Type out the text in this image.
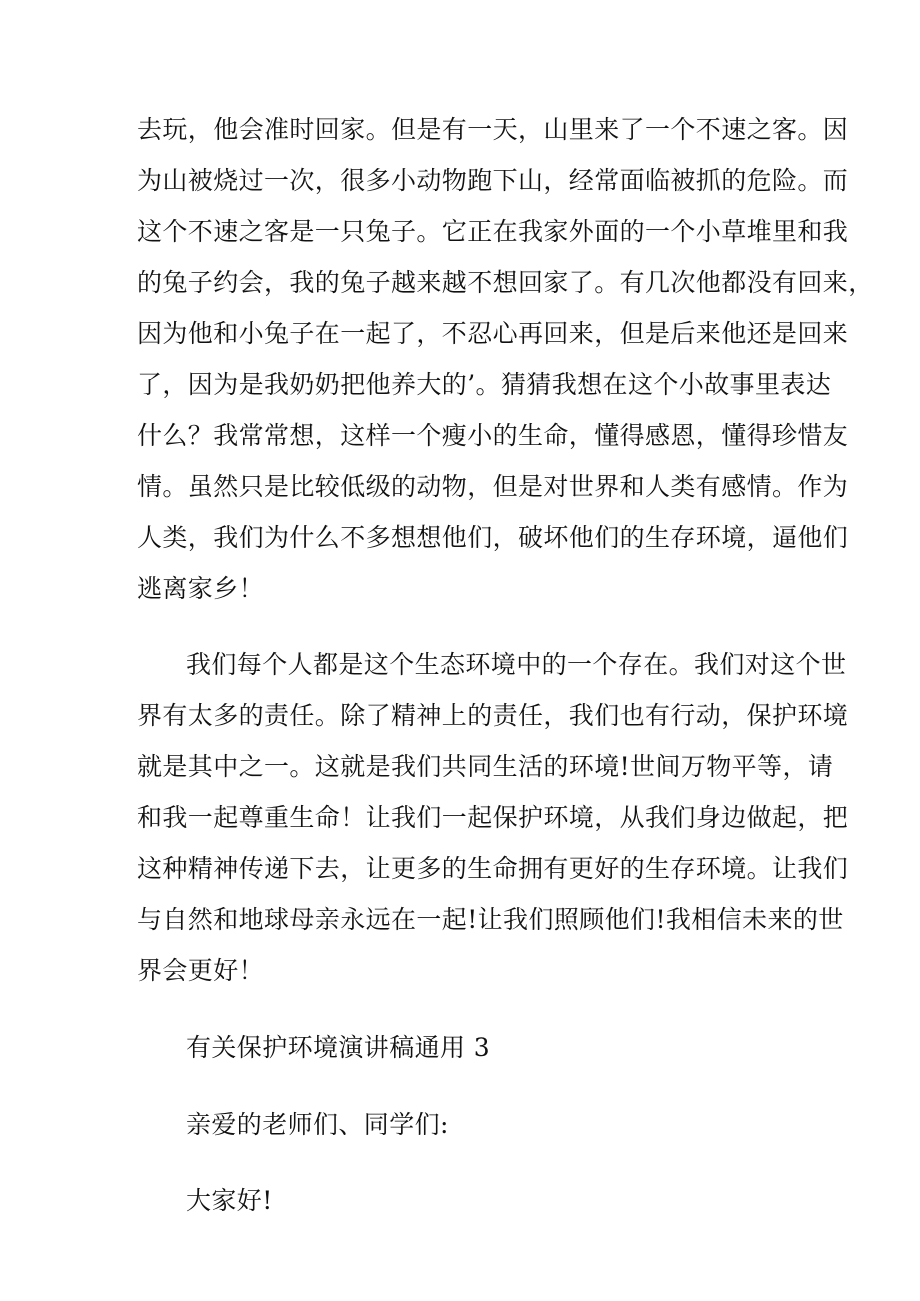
去玩，他会准时回家。但是有一天，山里来了一个不速之客。因
为山被烧过一次，很多小动物跑下山，经常面临被抓的危险。而
这个不速之客是一只兔子。它正在我家外面的一个小草堆里和我
的兔子约会，我的兔子越来越不想回家了。有几次他都没有回来，
因为他和小兔子在一起了，不忍心再回来，但是后来他还是回来
了，因为是我奶奶把他养大的’。猜猜我想在这个小故事里表达
什么？我常常想，这样一个瘦小的生命，懂得感恩，懂得珍惜友
情。虽然只是比较低级的动物，但是对世界和人类有感情。作为
人类，我们为什么不多想想他们，破坏他们的生存环境，逼他们
逃离家乡！
我们每个人都是这个生态环境中的一个存在。我们对这个世
界有太多的责任。除了精神上的责任，我们也有行动，保护环境
就是其中之一。这就是我们共同生活的环境!世间万物平等，请
和我一起尊重生命！让我们一起保护环境，从我们身边做起，把
这种精神传递下去，让更多的生命拥有更好的生存环境。让我们
与自然和地球母亲永远在一起!让我们照顾他们!我相信未来的世
界会更好！
有关保护环境演讲稿通用 3
亲爱的老师们、同学们:
大家好!
